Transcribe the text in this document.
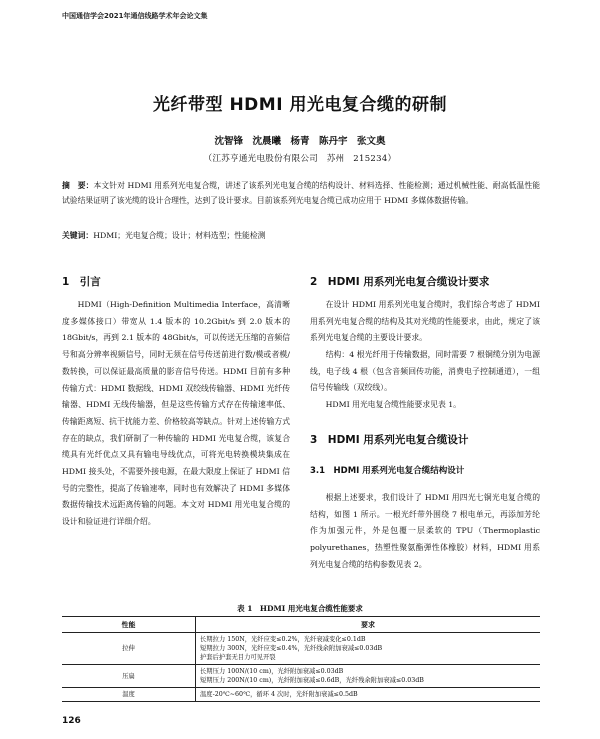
中国通信学会2021年通信线路学术年会论文集
光纤带型 HDMI 用光电复合缆的研制
沈智锋　沈晨曦　杨青　陈丹宇　张文奥
（江苏亨通光电股份有限公司　苏州　215234）
摘　要：本文针对 HDMI 用系列光电复合缆，讲述了该系列光电复合缆的结构设计、材料选择、性能检测；通过机械性能、耐高低温性能试验结果证明了该光缆的设计合理性，达到了设计要求。目前该系列光电复合缆已成功应用于 HDMI 多媒体数据传输。
关键词：HDMI；光电复合缆；设计；材料选型；性能检测
1　引言
HDMI（High-Definition Multimedia Interface，高清晰度多媒体接口）带宽从 1.4 版本的 10.2Gbit/s 到 2.0 版本的 18Gbit/s，再到 2.1 版本的 48Gbit/s，可以传送无压缩的音频信号和高分辨率视频信号，同时无须在信号传送前进行数/模或者模/数转换，可以保证最高质量的影音信号传送。HDMI 目前有多种传输方式：HDMI 数据线、HDMI 双绞线传输器、HDMI 光纤传输器、HDMI 无线传输器，但是这些传输方式存在传输速率低、传输距离短、抗干扰能力差、价格较高等缺点。针对上述传输方式存在的缺点，我们研制了一种传输的 HDMI 光电复合缆，该复合缆具有光纤优点又具有输电导线优点，可将光电转换模块集成在 HDMI 接头处，不需要外接电源，在最大限度上保证了 HDMI 信号的完整性，提高了传输速率，同时也有效解决了 HDMI 多媒体数据传输技术远距离传输的问题。本文对 HDMI 用光电复合缆的设计和验证进行详细介绍。
2　HDMI 用系列光电复合缆设计要求
在设计 HDMI 用系列光电复合缆时，我们综合考虑了 HDMI 用系列光电复合缆的结构及其对光缆的性能要求，由此，规定了该系列光电复合缆的主要设计要求。
结构：4 根光纤用于传输数据，同时需要 7 根铜缆分别为电源线，电子线 4 根（包含音频回传功能，消费电子控制通道），一组信号传输线（双绞线）。
HDMI 用光电复合缆性能要求见表 1。
3　HDMI 用系列光电复合缆设计
3.1　HDMI 用系列光电复合缆结构设计
根据上述要求，我们设计了 HDMI 用四光七铜光电复合缆的结构，如图 1 所示。一根光纤带外围绕 7 根电单元，再添加芳纶作为加强元件，外是包覆一层柔软的 TPU（Thermoplastic polyurethanes，热塑性聚氨酯弹性体橡胶）材料，HDMI 用系列光电复合缆的结构参数见表 2。
表 1　HDMI 用光电复合缆性能要求
性能	要求
拉伸	长期拉力 150N，光纤应变≤0.2%，光纤衰减变化≤0.1dB
短期拉力 300N，光纤应变≤0.4%，光纤线余附加衰减≤0.03dB
护套后护套无目力可见开裂

压扁	长期压力 100N/(10 cm)，光纤附加衰减≤0.03dB
短期压力 200N/(10 cm)，光纤附加衰减≤0.6dB，光纤残余附加衰减≤0.03dB

温度	温度-20℃~60℃，循环 4 次时，光纤附加衰减≤0.5dB
126
